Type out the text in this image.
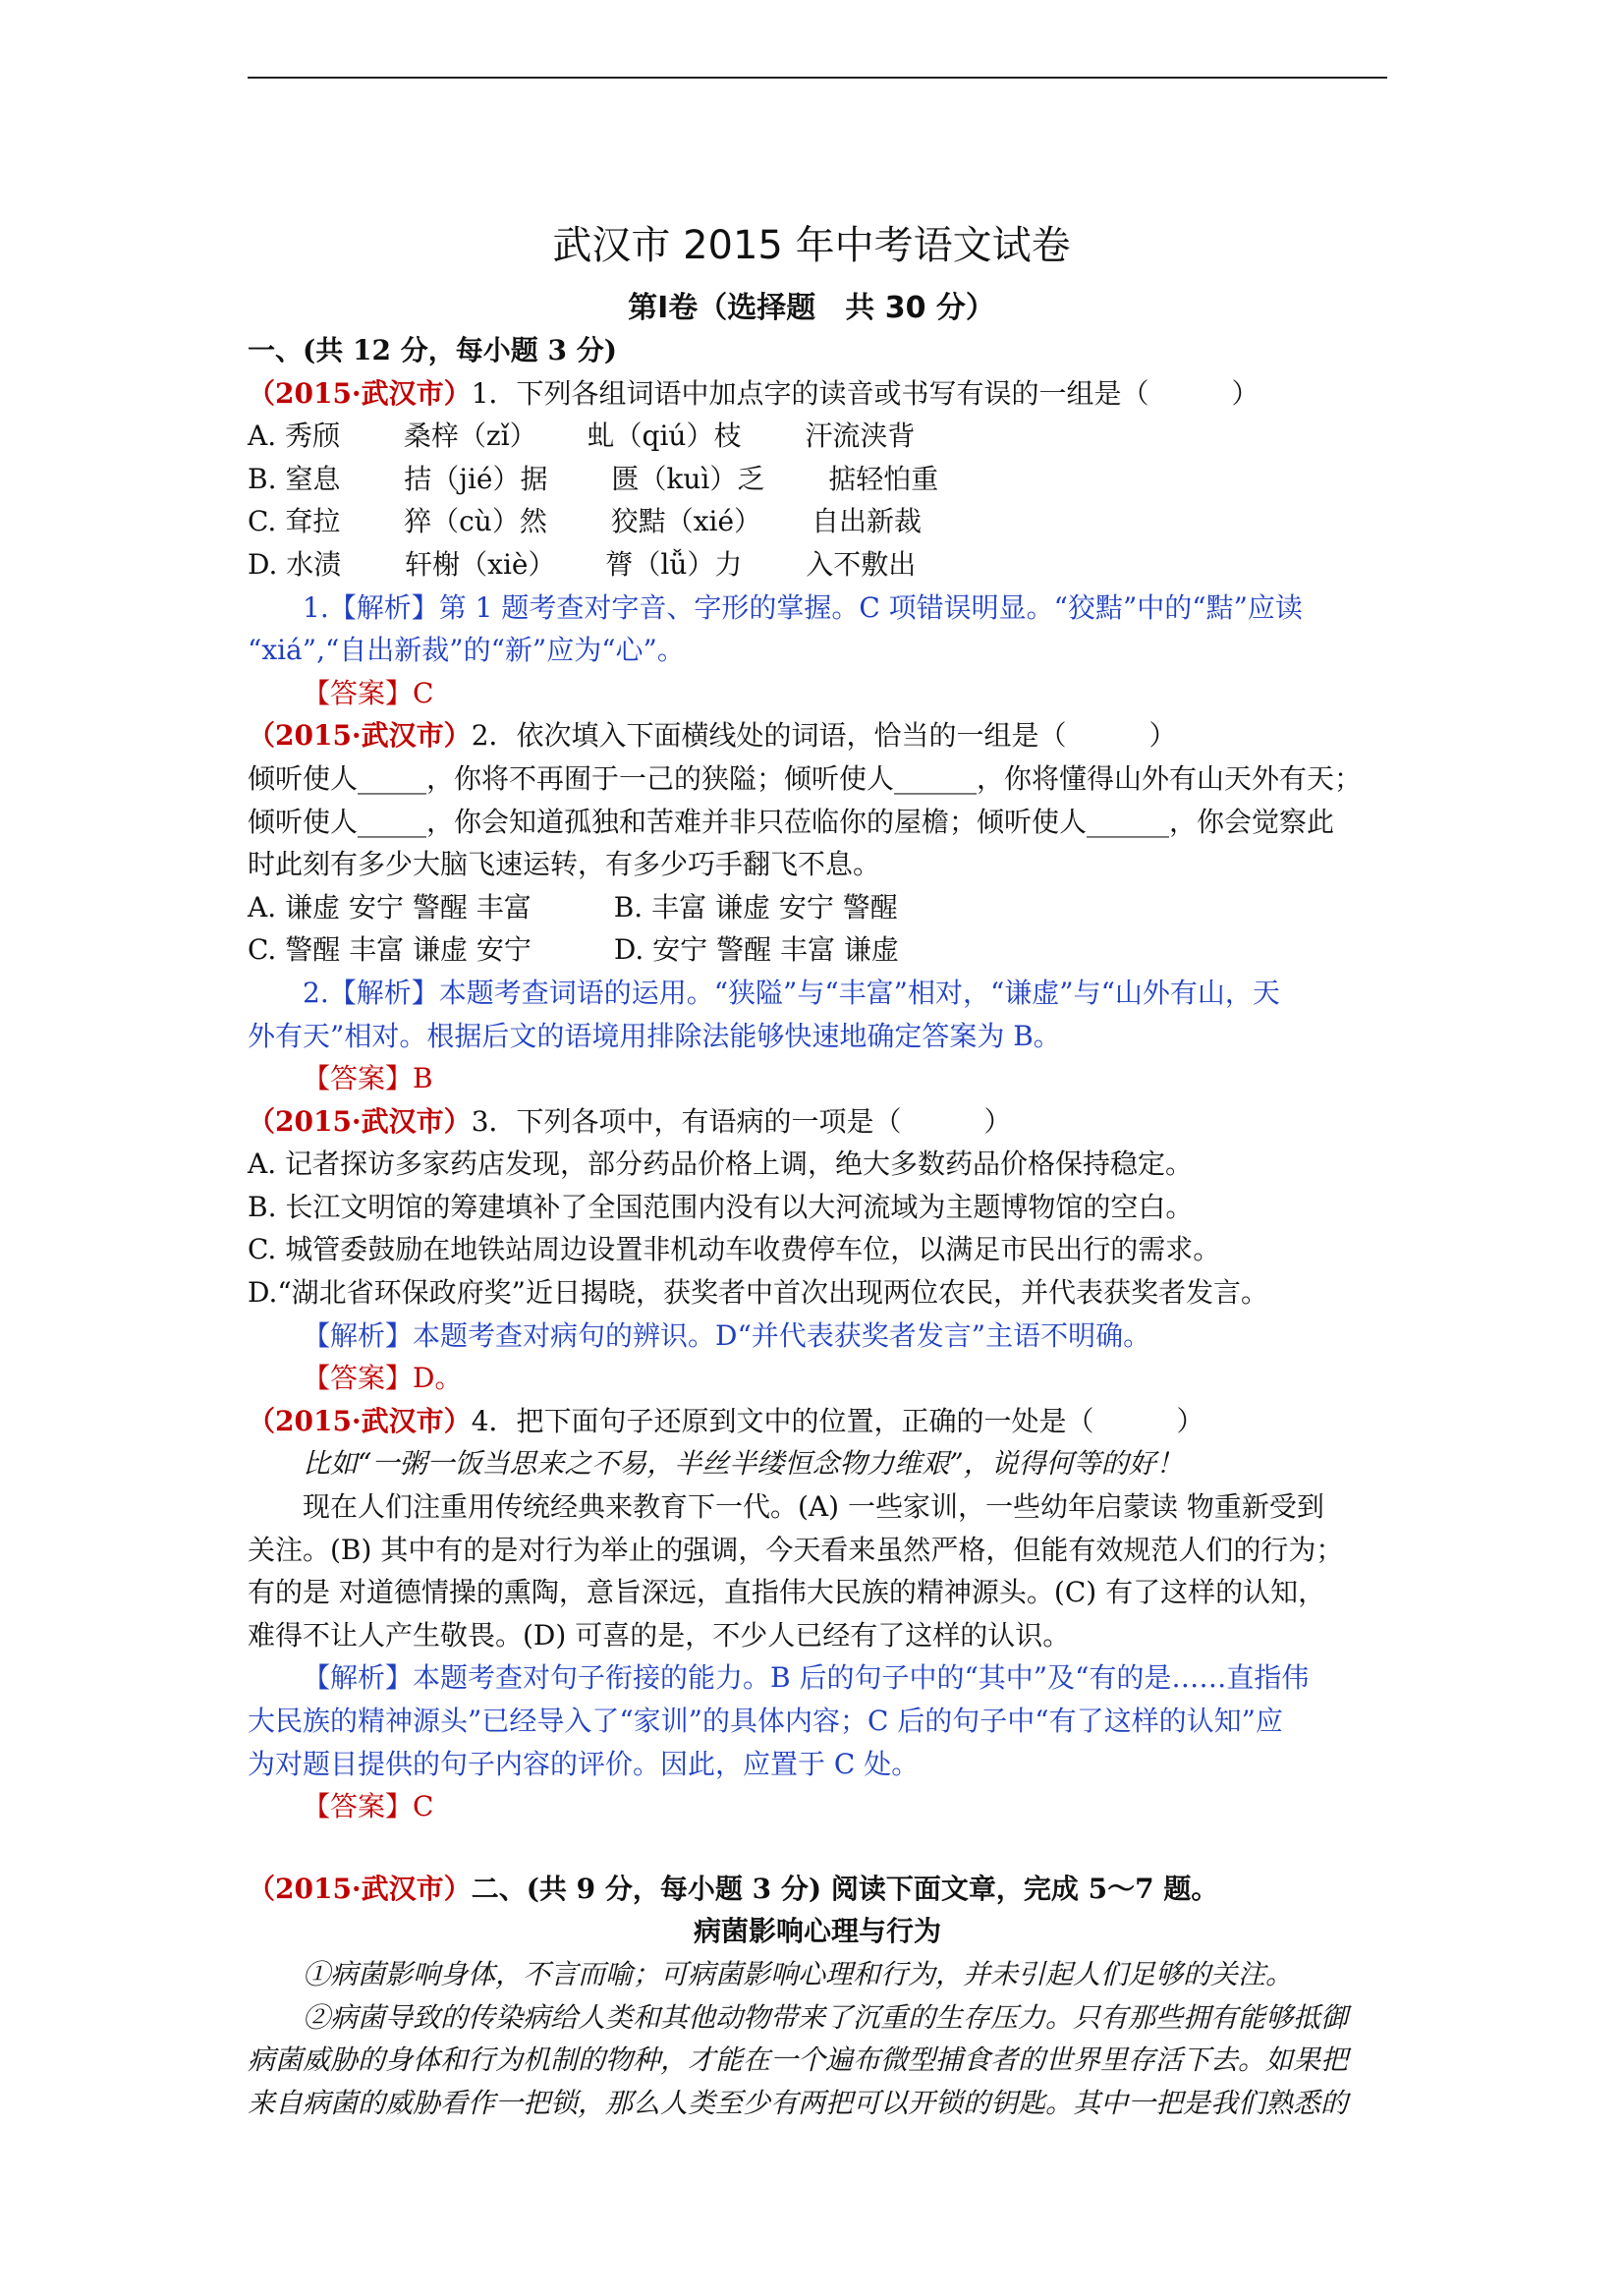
武汉市 2015 年中考语文试卷
第Ⅰ卷（选择题　共 30 分）
一、(共 12 分，每小题 3 分)
（2015·武汉市）1．下列各组词语中加点字的读音或书写有误的一组是（　　　）
A. 秀颀　　 桑梓（zǐ）　　 虬（qiú）枝　　 汗流浃背
B. 窒息　　 拮（jié）据　　 匮（kuì）乏　　 掂轻怕重
C. 耷拉　　 猝（cù）然　　 狡黠（xié）　　 自出新裁
D. 水渍　　 轩榭（xiè）　　 膂（lǚ）力　　 入不敷出
1.【解析】第 1 题考查对字音、字形的掌握。C 项错误明显。“狡黠”中的“黠”应读
“xiá”,“自出新裁”的“新”应为“心”。
【答案】C
（2015·武汉市）2．依次填入下面横线处的词语，恰当的一组是（　　　）
倾听使人_____，你将不再囿于一己的狭隘；倾听使人______，你将懂得山外有山天外有天；
倾听使人_____，你会知道孤独和苦难并非只莅临你的屋檐；倾听使人______，你会觉察此
时此刻有多少大脑飞速运转，有多少巧手翻飞不息。
A. 谦虚 安宁 警醒 丰富　　　B. 丰富 谦虚 安宁 警醒
C. 警醒 丰富 谦虚 安宁　　　D. 安宁 警醒 丰富 谦虚
2.【解析】本题考查词语的运用。“狭隘”与“丰富”相对，“谦虚”与“山外有山，天
外有天”相对。根据后文的语境用排除法能够快速地确定答案为 B。
【答案】B
（2015·武汉市）3．下列各项中，有语病的一项是（　　　）
A. 记者探访多家药店发现，部分药品价格上调，绝大多数药品价格保持稳定。
B. 长江文明馆的筹建填补了全国范围内没有以大河流域为主题博物馆的空白。
C. 城管委鼓励在地铁站周边设置非机动车收费停车位，以满足市民出行的需求。
D.“湖北省环保政府奖”近日揭晓，获奖者中首次出现两位农民，并代表获奖者发言。
【解析】本题考查对病句的辨识。D“并代表获奖者发言”主语不明确。
【答案】D。
（2015·武汉市）4．把下面句子还原到文中的位置，正确的一处是（　　　）
比如“一粥一饭当思来之不易，半丝半缕恒念物力维艰”，说得何等的好！
现在人们注重用传统经典来教育下一代。(A) 一些家训，一些幼年启蒙读 物重新受到
关注。(B) 其中有的是对行为举止的强调，今天看来虽然严格，但能有效规范人们的行为；
有的是 对道德情操的熏陶，意旨深远，直指伟大民族的精神源头。(C) 有了这样的认知，
难得不让人产生敬畏。(D) 可喜的是，不少人已经有了这样的认识。
【解析】本题考查对句子衔接的能力。B 后的句子中的“其中”及“有的是……直指伟
大民族的精神源头”已经导入了“家训”的具体内容；C 后的句子中“有了这样的认知”应
为对题目提供的句子内容的评价。因此，应置于 C 处。
【答案】C
（2015·武汉市）二、(共 9 分，每小题 3 分) 阅读下面文章，完成 5～7 题。
病菌影响心理与行为
①病菌影响身体，不言而喻；可病菌影响心理和行为，并未引起人们足够的关注。
②病菌导致的传染病给人类和其他动物带来了沉重的生存压力。只有那些拥有能够抵御
病菌威胁的身体和行为机制的物种，才能在一个遍布微型捕食者的世界里存活下去。如果把
来自病菌的威胁看作一把锁，那么人类至少有两把可以开锁的钥匙。其中一把是我们熟悉的
